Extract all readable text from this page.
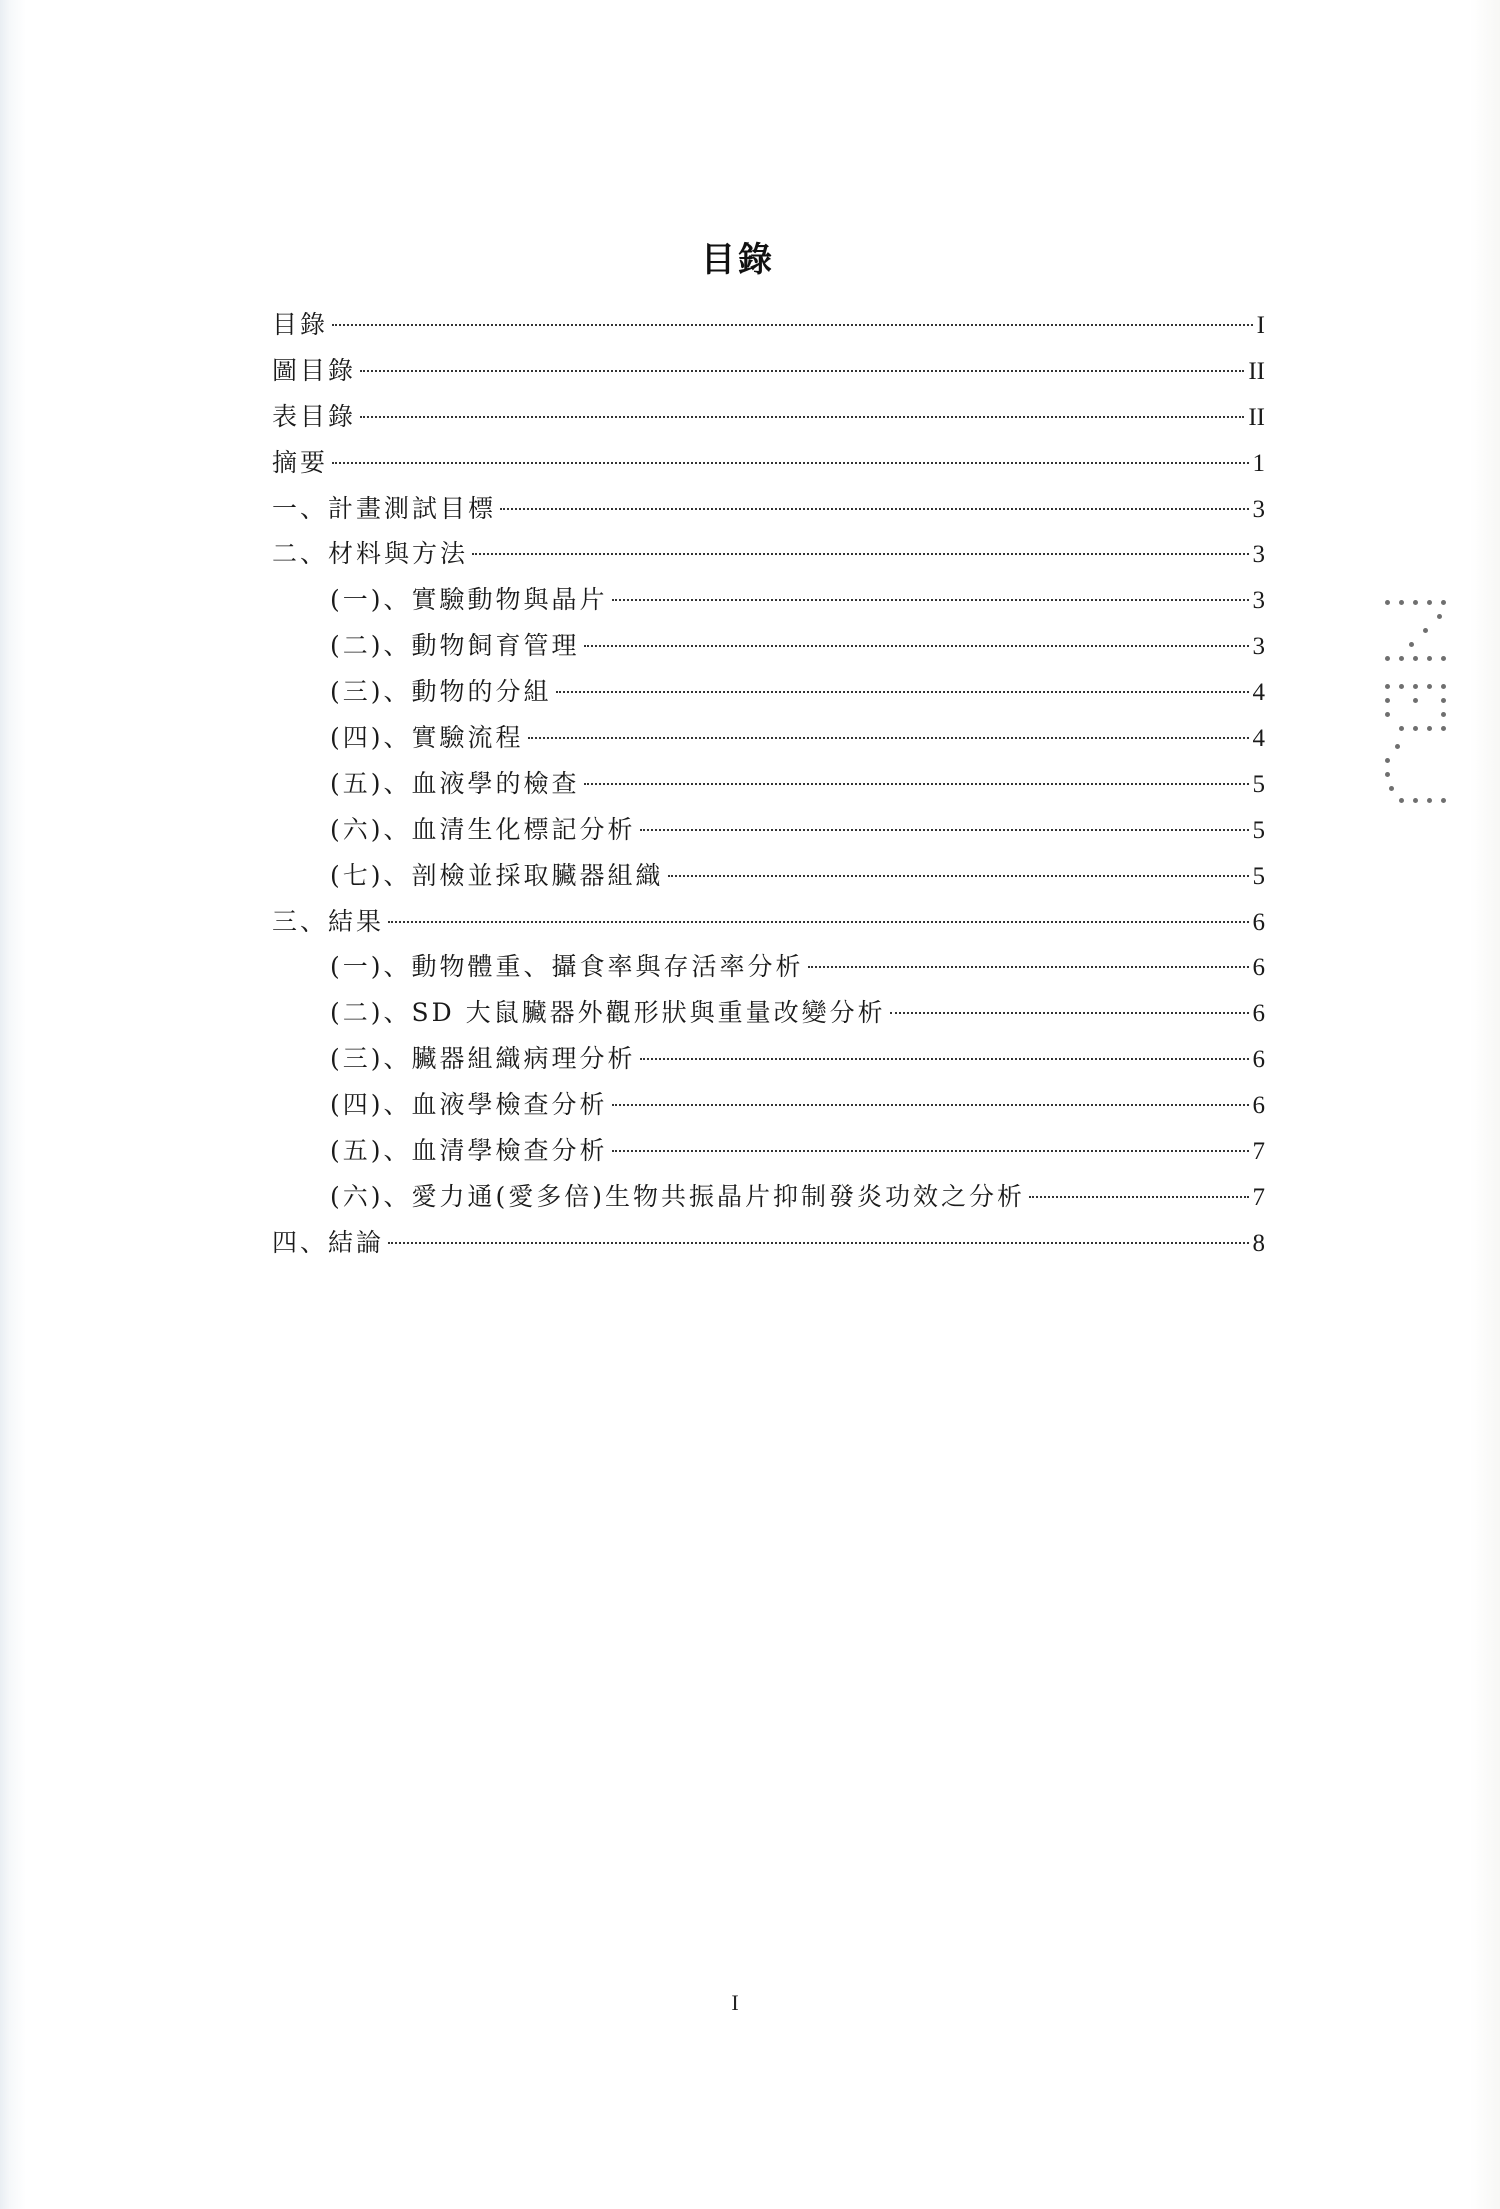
目錄
目錄	I
圖目錄	II
表目錄	II
摘要	1
一、計畫測試目標	3
二、材料與方法	3
(一)、實驗動物與晶片	3
(二)、動物飼育管理	3
(三)、動物的分組	4
(四)、實驗流程	4
(五)、血液學的檢查	5
(六)、血清生化標記分析	5
(七)、剖檢並採取臟器組織	5
三、結果	6
(一)、動物體重、攝食率與存活率分析	6
(二)、SD 大鼠臟器外觀形狀與重量改變分析	6
(三)、臟器組織病理分析	6
(四)、血液學檢查分析	6
(五)、血清學檢查分析	7
(六)、愛力通(愛多倍)生物共振晶片抑制發炎功效之分析	7
四、結論	8
I
